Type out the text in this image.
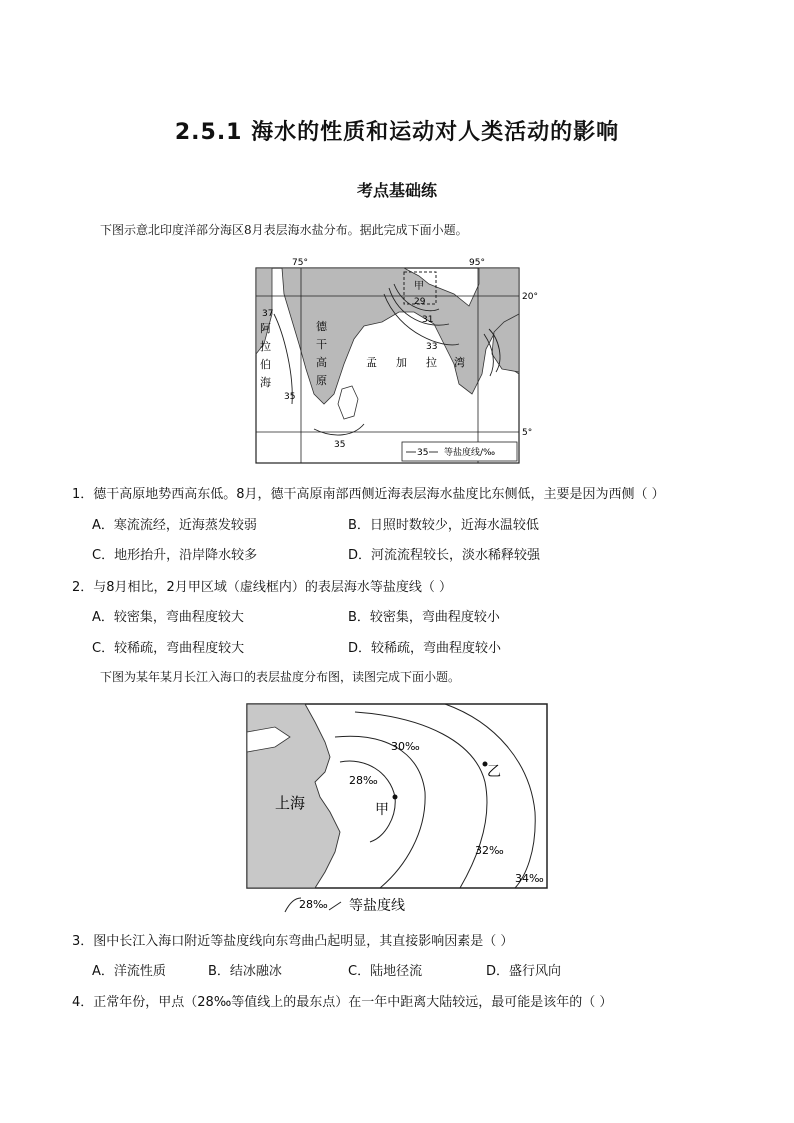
2.5.1 海水的性质和运动对人类活动的影响
考点基础练
下图示意北印度洋部分海区8月表层海水盐分布。据此完成下面小题。
75°	95°
20°
5°
37
35
35
29
31
33
甲
阿
拉
伯
海
德
干
高
原
孟 加 拉 湾
35 等盐度线/‰
1．德干高原地势西高东低。8月，德干高原南部西侧近海表层海水盐度比东侧低，主要是因为西侧（ ）
A．寒流流经，近海蒸发较弱	B．日照时数较少，近海水温较低
C．地形抬升，沿岸降水较多	D．河流流程较长，淡水稀释较强
2．与8月相比，2月甲区域（虚线框内）的表层海水等盐度线（ ）
A．较密集，弯曲程度较大	B．较密集，弯曲程度较小
C．较稀疏，弯曲程度较大	D．较稀疏，弯曲程度较小
下图为某年某月长江入海口的表层盐度分布图，读图完成下面小题。
上海	甲
乙
28‰
30‰
32‰
34‰
28‰ 等盐度线
3．图中长江入海口附近等盐度线向东弯曲凸起明显，其直接影响因素是（ ）
A．洋流性质	B．结冰融冰	C．陆地径流	D．盛行风向
4．正常年份，甲点（28‰等值线上的最东点）在一年中距离大陆较远，最可能是该年的（ ）
